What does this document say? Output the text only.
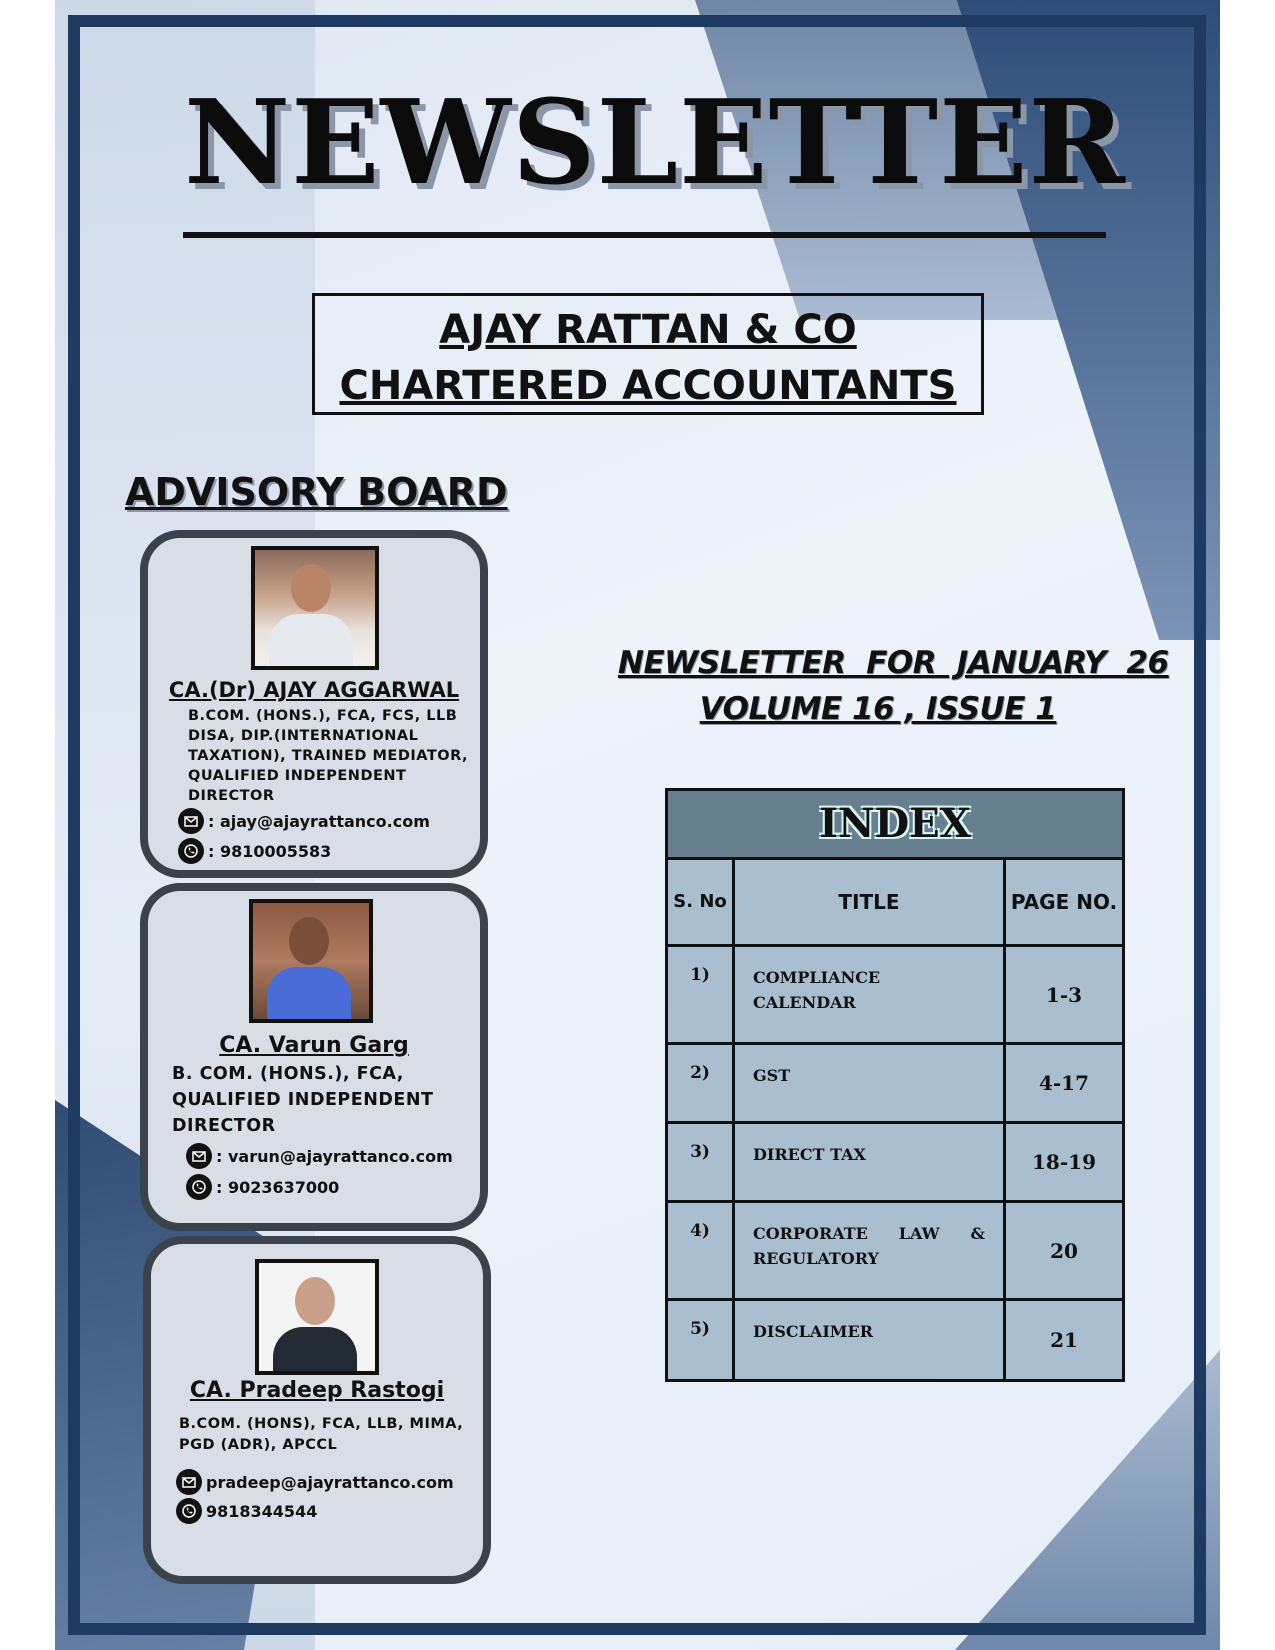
NEWSLETTER
AJAY RATTAN & CO
CHARTERED ACCOUNTANTS
ADVISORY BOARD
CA.(Dr) AJAY AGGARWAL
B.COM. (HONS.), FCA, FCS, LLB
DISA, DIP.(INTERNATIONAL
TAXATION), TRAINED MEDIATOR,
QUALIFIED INDEPENDENT
DIRECTOR
: ajay@ajayrattanco.com
: 9810005583
CA. Varun Garg
B. COM. (HONS.), FCA,
QUALIFIED INDEPENDENT
DIRECTOR
: varun@ajayrattanco.com
: 9023637000
CA. Pradeep Rastogi
B.COM. (HONS), FCA, LLB, MIMA,
PGD (ADR), APCCL
pradeep@ajayrattanco.com
9818344544
NEWSLETTER  FOR  JANUARY  26
VOLUME 16 , ISSUE 1
INDEX
S. No	TITLE	PAGE NO.
1)	COMPLIANCE CALENDAR	1-3
2)	GST	4-17
3)	DIRECT TAX	18-19
4)	CORPORATE LAW & REGULATORY	20
5)	DISCLAIMER	21
